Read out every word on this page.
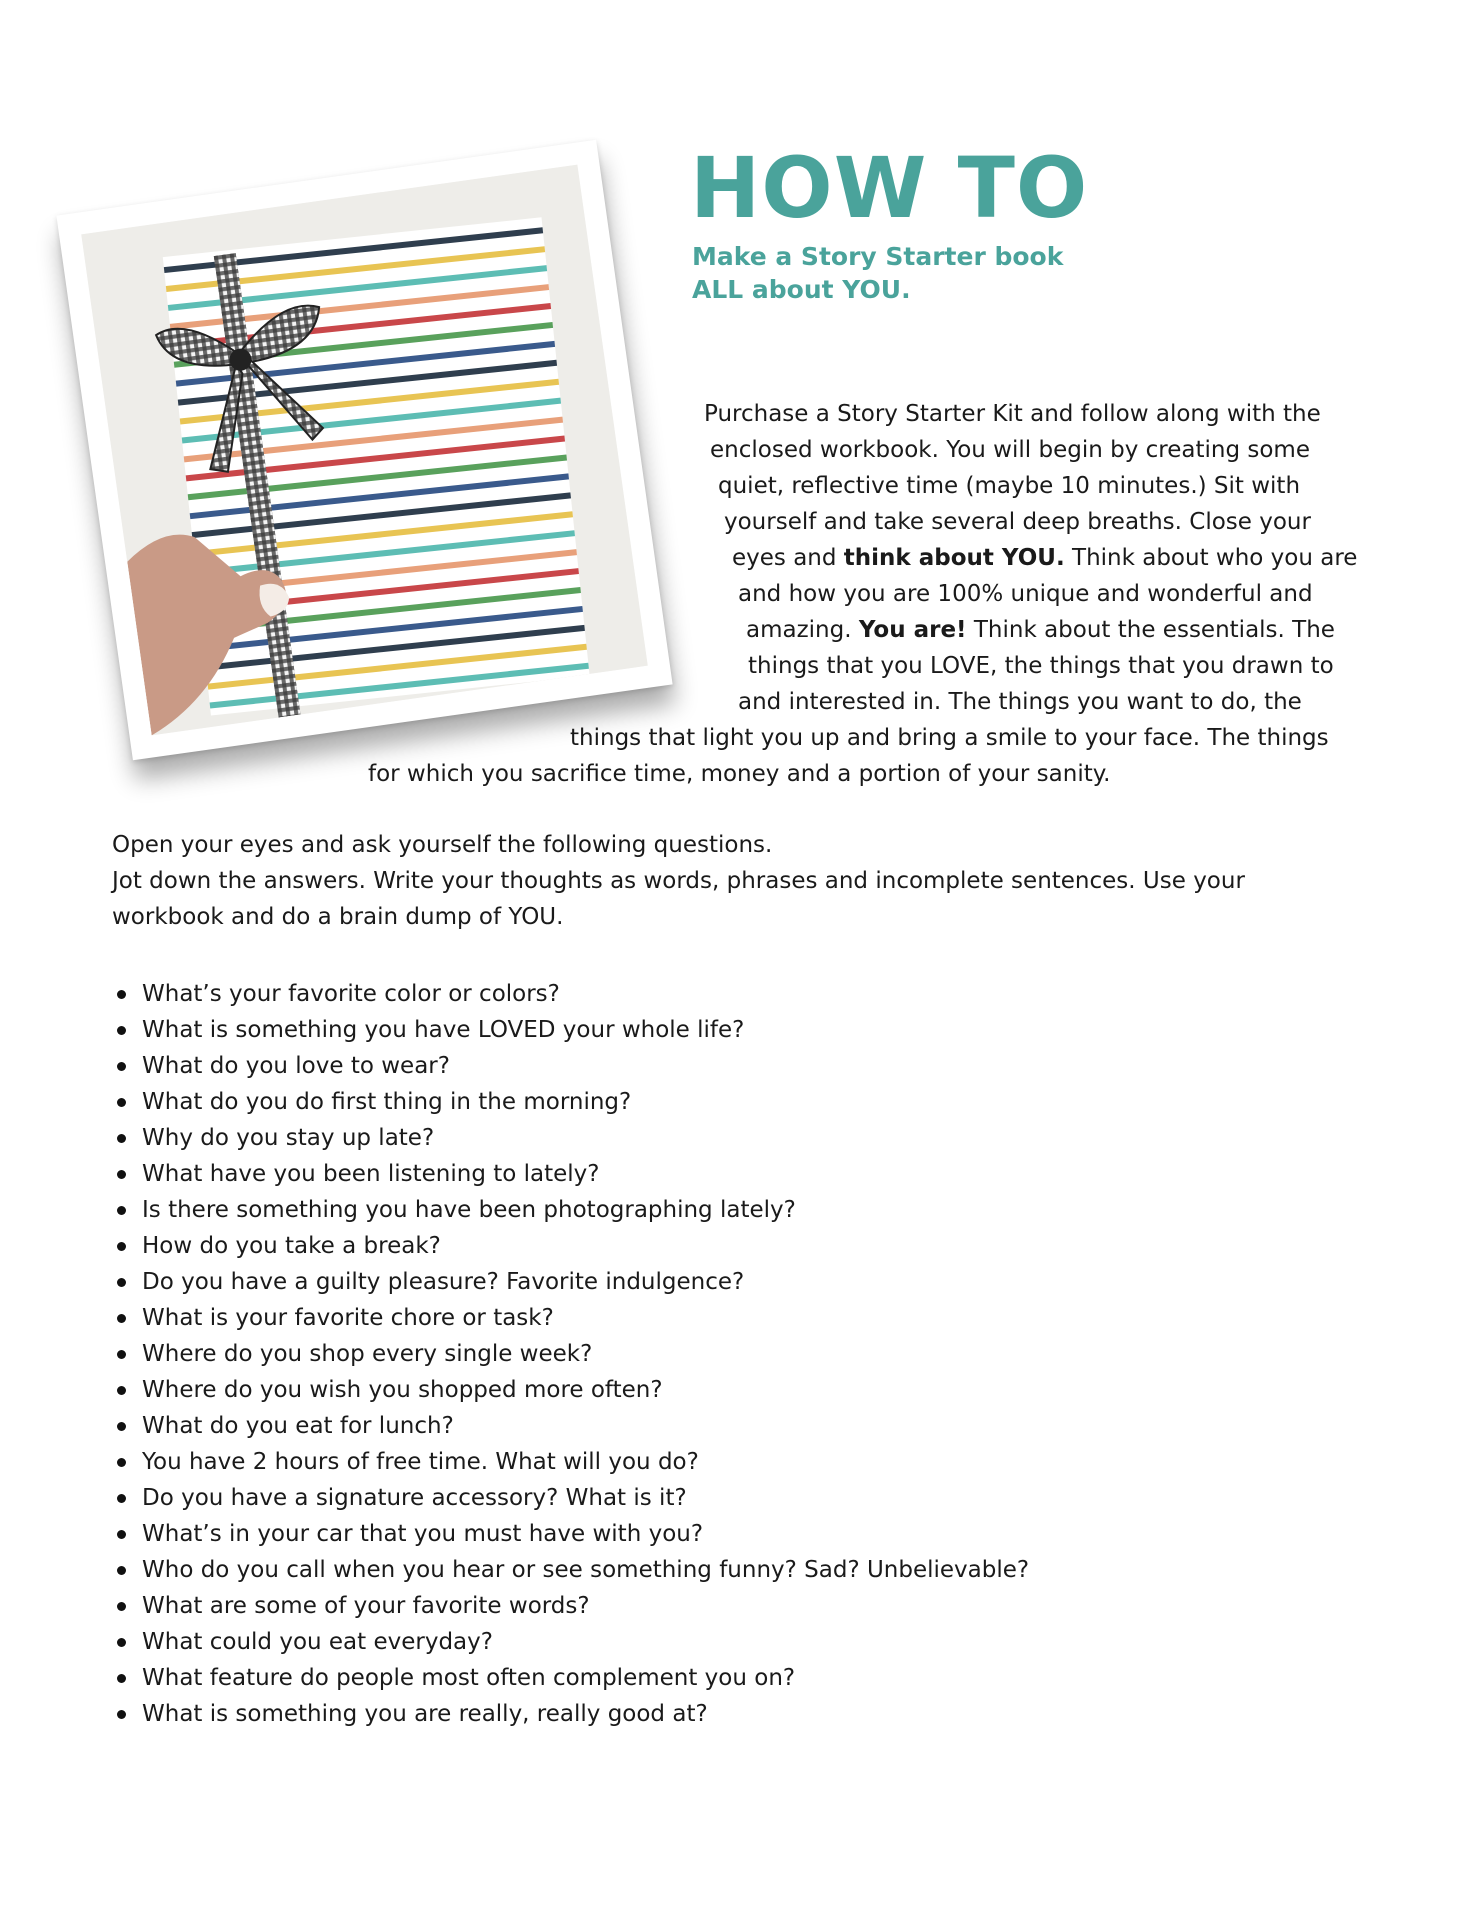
HOW TO
Make a Story Starter book
ALL about YOU.
Purchase a Story Starter Kit and follow along with the
enclosed workbook. You will begin by creating some
quiet, reflective time (maybe 10 minutes.) Sit with
yourself and take several deep breaths. Close your
eyes and think about YOU. Think about who you are
and how you are 100% unique and wonderful and
amazing. You are! Think about the essentials. The
things that you LOVE, the things that you drawn to
and interested in. The things you want to do, the
things that light you up and bring a smile to your face. The things
for which you sacrifice time, money and a portion of your sanity.

Open your eyes and ask yourself the following questions.

Jot down the answers. Write your thoughts as words, phrases and incomplete sentences. Use your workbook and do a brain dump of YOU.

What’s your favorite color or colors?
What is something you have LOVED your whole life?
What do you love to wear?
What do you do first thing in the morning?
Why do you stay up late?
What have you been listening to lately?
Is there something you have been photographing lately?
How do you take a break?
Do you have a guilty pleasure? Favorite indulgence?
What is your favorite chore or task?
Where do you shop every single week?
Where do you wish you shopped more often?
What do you eat for lunch?
You have 2 hours of free time. What will you do?
Do you have a signature accessory? What is it?
What’s in your car that you must have with you?
Who do you call when you hear or see something funny? Sad? Unbelievable?
What are some of your favorite words?
What could you eat everyday?
What feature do people most often complement you on?
What is something you are really, really good at?
